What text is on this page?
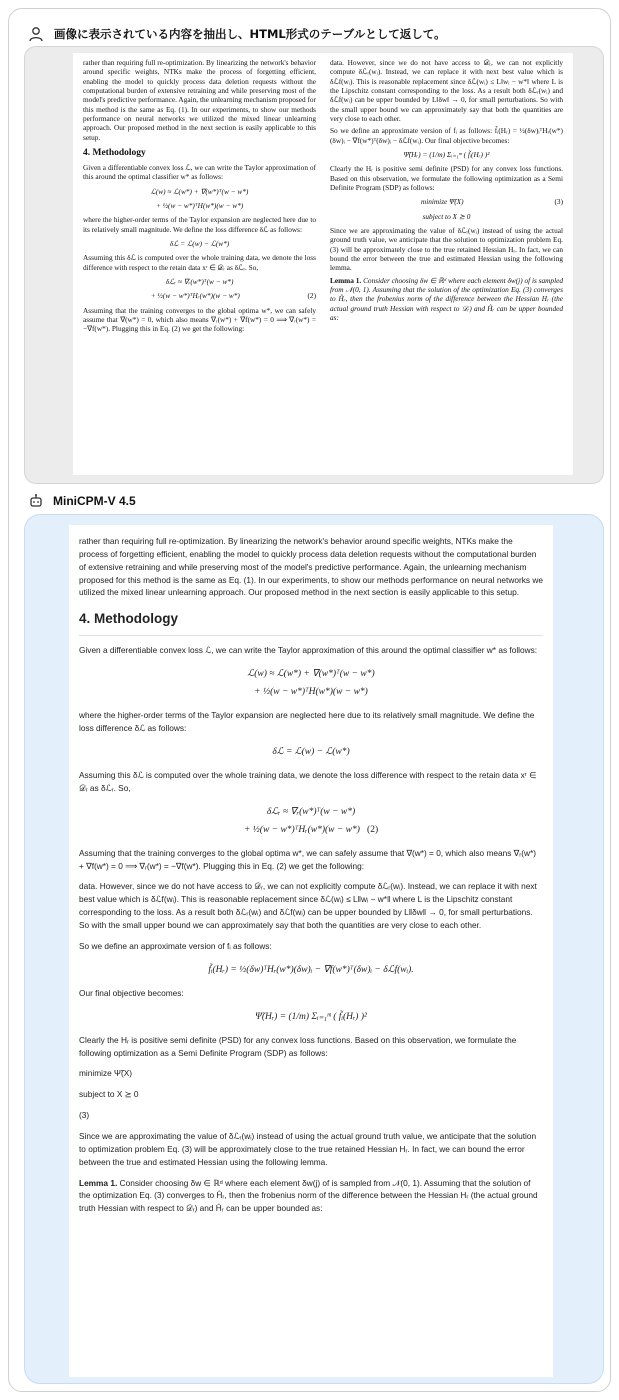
画像に表示されている内容を抽出し、HTML形式のテーブルとして返して。

rather than requiring full re-optimization. By linearizing the network's behavior around specific weights, NTKs make the process of forgetting efficient, enabling the model to quickly process data deletion requests without the computational burden of extensive retraining and while preserving most of the model's predictive performance. Again, the unlearning mechanism proposed for this method is the same as Eq. (1). In our experiments, to show our methods performance on neural networks we utilized the mixed linear unlearning approach. Our proposed method in the next section is easily applicable to this setup.

4. Methodology

Given a differentiable convex loss ℒ, we can write the Taylor approximation of this around the optimal classifier w* as follows:

ℒ(w) ≈ ℒ(w*) + ∇(w*)ᵀ(w − w*)
+ ½(w − w*)ᵀH(w*)(w − w*)

where the higher-order terms of the Taylor expansion are neglected here due to its relatively small magnitude. We define the loss difference δℒ as follows:

δℒ = ℒ(w) − ℒ(w*)

Assuming this δℒ is computed over the whole training data, we denote the loss difference with respect to the retain data xʳ ∈ 𝒟ᵣ as δℒᵣ. So,

δℒᵣ ≈ ∇ᵣ(w*)ᵀ(w − w*)
(2)
+ ½(w − w*)ᵀHᵣ(w*)(w − w*)

Assuming that the training converges to the global optima w*, we can safely assume that ∇(w*) = 0, which also means ∇ᵣ(w*) + ∇f(w*) = 0 ⟹ ∇ᵣ(w*) = −∇f(w*). Plugging this in Eq. (2) we get the following:

data. However, since we do not have access to 𝒟ᵣ, we can not explicitly compute δℒᵣ(wᵢ). Instead, we can replace it with next best value which is δℒf(wᵢ). This is reasonable replacement since δℒ(wᵢ) ≤ L‖wᵢ − w*‖ where L is the Lipschitz constant corresponding to the loss. As a result both δℒᵣ(wᵢ) and δℒf(wᵢ) can be upper bounded by L‖δw‖ → 0, for small perturbations. So with the small upper bound we can approximately say that both the quantities are very close to each other.

So we define an approximate version of fᵢ as follows: f̃ᵢ(Hᵣ) = ½(δw)ᵢᵀHᵣ(w*)(δw)ᵢ − ∇f(w*)ᵀ(δw)ᵢ − δℒf(wᵢ). Our final objective becomes:

Ψ̃(Hᵣ) = (1/m) Σᵢ₌₁ᵐ ( f̃ᵢ(Hᵣ) )²

Clearly the Hᵣ is positive semi definite (PSD) for any convex loss functions. Based on this observation, we formulate the following optimization as a Semi Definite Program (SDP) as follows:

(3)
minimize Ψ̃(X)
subject to X ⪰ 0

Since we are approximating the value of δℒᵣ(wᵢ) instead of using the actual ground truth value, we anticipate that the solution to optimization problem Eq. (3) will be approximately close to the true retained Hessian Hᵣ. In fact, we can bound the error between the true and estimated Hessian using the following lemma.

Lemma 1. Consider choosing δw ∈ ℝᵈ where each element δw(j) of is sampled from 𝒩(0, 1). Assuming that the solution of the optimization Eq. (3) converges to Ĥᵣ, then the frobenius norm of the difference between the Hessian Hᵣ (the actual ground truth Hessian with respect to 𝒟ᵣ) and Ĥᵣ can be upper bounded as:

MiniCPM-V 4.5

rather than requiring full re-optimization. By linearizing the network's behavior around specific weights, NTKs make the process of forgetting efficient, enabling the model to quickly process data deletion requests without the computational burden of extensive retraining and while preserving most of the model's predictive performance. Again, the unlearning mechanism proposed for this method is the same as Eq. (1). In our experiments, to show our methods performance on neural networks we utilized the mixed linear unlearning approach. Our proposed method in the next section is easily applicable to this setup.

4. Methodology

Given a differentiable convex loss ℒ, we can write the Taylor approximation of this around the optimal classifier w* as follows:

ℒ(w) ≈ ℒ(w*) + ∇(w*)ᵀ(w − w*)
+ ½(w − w*)ᵀH(w*)(w − w*)

where the higher-order terms of the Taylor expansion are neglected here due to its relatively small magnitude. We define the loss difference δℒ as follows:

δℒ = ℒ(w) − ℒ(w*)

Assuming this δℒ is computed over the whole training data, we denote the loss difference with respect to the retain data xʳ ∈ 𝒟ᵣ as δℒᵣ. So,

δℒᵣ ≈ ∇ᵣ(w*)ᵀ(w − w*)
+ ½(w − w*)ᵀHᵣ(w*)(w − w*) (2)

Assuming that the training converges to the global optima w*, we can safely assume that ∇(w*) = 0, which also means ∇ᵣ(w*) + ∇f(w*) = 0 ⟹ ∇ᵣ(w*) = −∇f(w*). Plugging this in Eq. (2) we get the following:

data. However, since we do not have access to 𝒟ᵣ, we can not explicitly compute δℒᵣ(wᵢ). Instead, we can replace it with next best value which is δℒf(wᵢ). This is reasonable replacement since δℒ(wᵢ) ≤ L‖wᵢ − w*‖ where L is the Lipschitz constant corresponding to the loss. As a result both δℒᵣ(wᵢ) and δℒf(wᵢ) can be upper bounded by L‖δw‖ → 0, for small perturbations. So with the small upper bound we can approximately say that both the quantities are very close to each other.

So we define an approximate version of fᵢ as follows:

f̃ᵢ(Hᵣ) = ½(δw)ᵀHᵣ(w*)(δw)ᵢ − ∇f(w*)ᵀ(δw)ᵢ − δℒf(wᵢ).

Our final objective becomes:

Ψ̃(Hᵣ) = (1/m) Σᵢ₌₁ᵐ ( f̃ᵢ(Hᵣ) )²

Clearly the Hᵣ is positive semi definite (PSD) for any convex loss functions. Based on this observation, we formulate the following optimization as a Semi Definite Program (SDP) as follows:

minimize Ψ̃(X)

subject to X ⪰ 0

(3)

Since we are approximating the value of δℒᵣ(wᵢ) instead of using the actual ground truth value, we anticipate that the solution to optimization problem Eq. (3) will be approximately close to the true retained Hessian Hᵣ. In fact, we can bound the error between the true and estimated Hessian using the following lemma.

Lemma 1. Consider choosing δw ∈ ℝᵈ where each element δw(j) of is sampled from 𝒩(0, 1). Assuming that the solution of the optimization Eq. (3) converges to Ĥᵣ, then the frobenius norm of the difference between the Hessian Hᵣ (the actual ground truth Hessian with respect to 𝒟ᵣ) and Ĥᵣ can be upper bounded as:
